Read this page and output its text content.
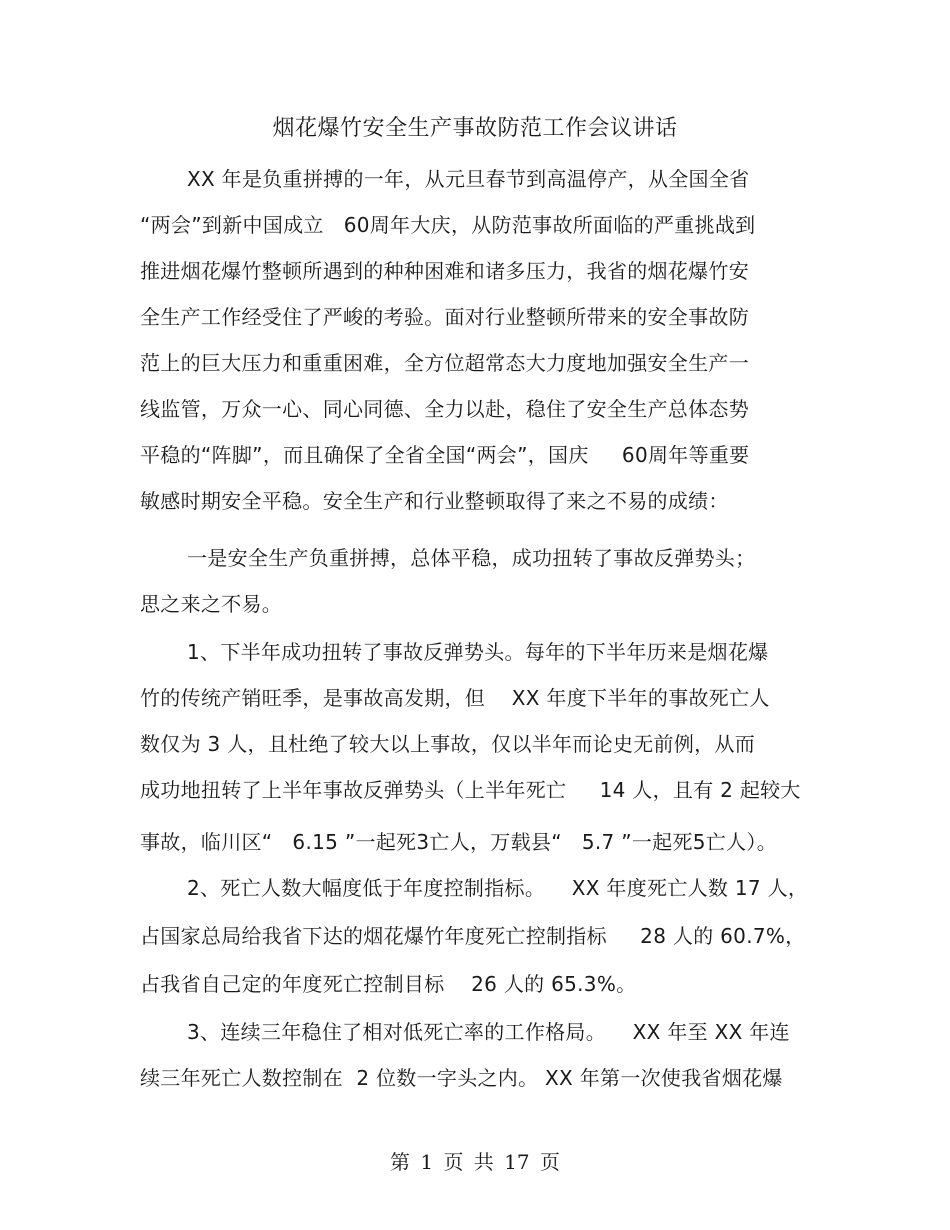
烟花爆竹安全生产事故防范工作会议讲话
XX 年是负重拼搏的一年，从元旦春节到高温停产，从全国全省
“两会”到新中国成立   60周年大庆，从防范事故所面临的严重挑战到
推进烟花爆竹整顿所遇到的种种困难和诸多压力，我省的烟花爆竹安
全生产工作经受住了严峻的考验。面对行业整顿所带来的安全事故防
范上的巨大压力和重重困难，全方位超常态大力度地加强安全生产一
线监管，万众一心、同心同德、全力以赴，稳住了安全生产总体态势
平稳的“阵脚”，而且确保了全省全国“两会”，国庆     60周年等重要
敏感时期安全平稳。安全生产和行业整顿取得了来之不易的成绩：
一是安全生产负重拼搏，总体平稳，成功扭转了事故反弹势头；
思之来之不易。
1、下半年成功扭转了事故反弹势头。每年的下半年历来是烟花爆
竹的传统产销旺季，是事故高发期，但    XX 年度下半年的事故死亡人
数仅为 3 人，且杜绝了较大以上事故，仅以半年而论史无前例，从而
成功地扭转了上半年事故反弹势头（上半年死亡     14 人，且有 2 起较大
事故，临川区“   6.15 ”一起死3亡人，万载县“   5.7 ”一起死5亡人）。
2、死亡人数大幅度低于年度控制指标。    XX 年度死亡人数 17 人，
占国家总局给我省下达的烟花爆竹年度死亡控制指标     28 人的 60.7%，
占我省自己定的年度死亡控制目标    26 人的 65.3%。
3、连续三年稳住了相对低死亡率的工作格局。    XX 年至 XX 年连
续三年死亡人数控制在  2 位数一字头之内。 XX 年第一次使我省烟花爆
第 1 页 共 17 页
